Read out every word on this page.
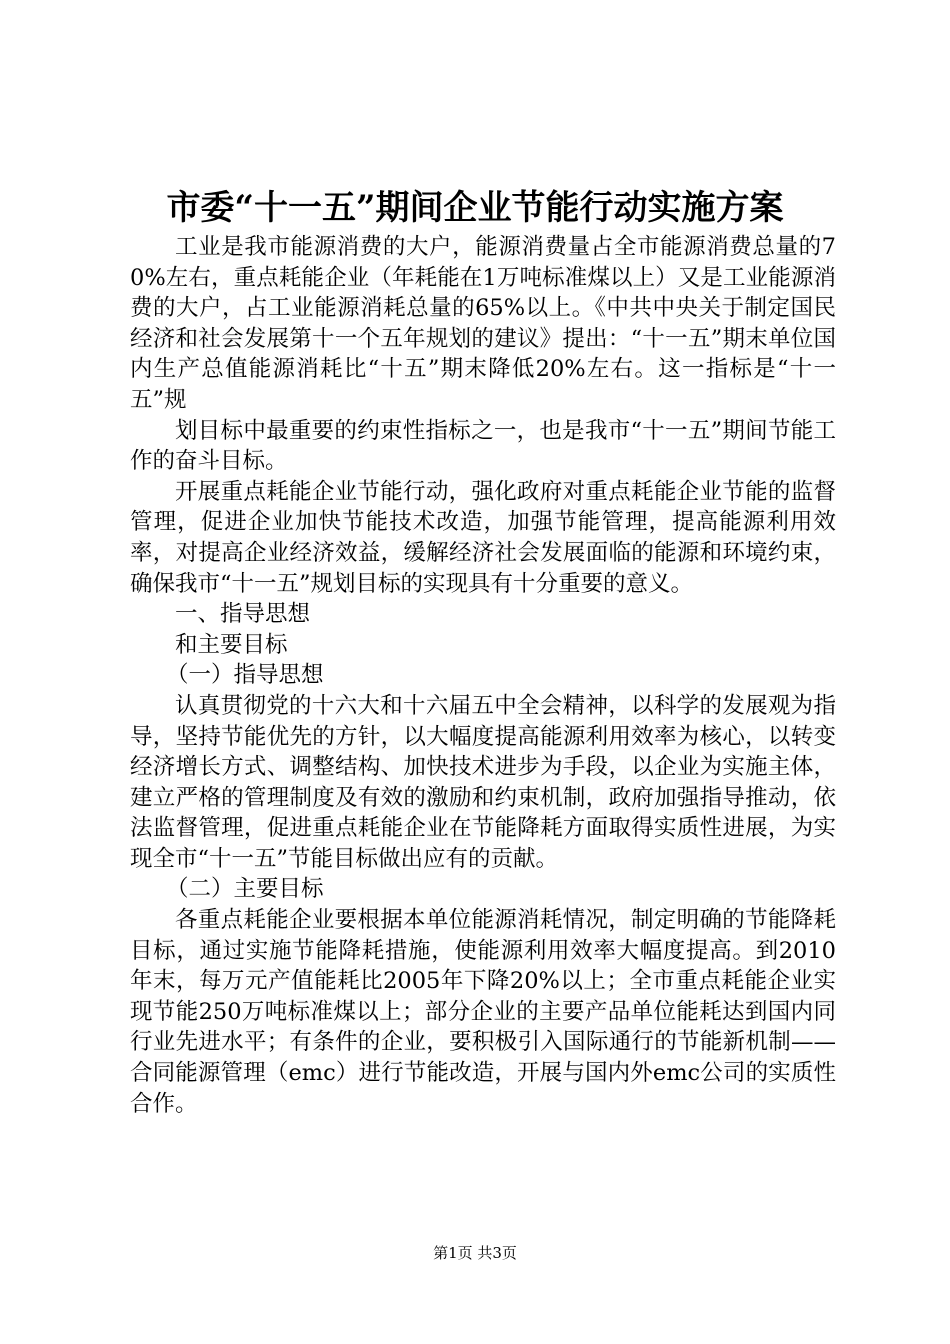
市委“十一五”期间企业节能行动实施方案

工业是我市能源消费的大户，能源消费量占全市能源消费总量的70%左右，重点耗能企业（年耗能在1万吨标准煤以上）又是工业能源消费的大户，占工业能源消耗总量的65%以上。《中共中央关于制定国民经济和社会发展第十一个五年规划的建议》提出：“十一五”期末单位国内生产总值能源消耗比“十五”期末降低20%左右。这一指标是“十一五”规

划目标中最重要的约束性指标之一，也是我市“十一五”期间节能工作的奋斗目标。

开展重点耗能企业节能行动，强化政府对重点耗能企业节能的监督管理，促进企业加快节能技术改造，加强节能管理，提高能源利用效率，对提高企业经济效益，缓解经济社会发展面临的能源和环境约束，确保我市“十一五”规划目标的实现具有十分重要的意义。

一、指导思想

和主要目标

（一）指导思想

认真贯彻党的十六大和十六届五中全会精神，以科学的发展观为指导，坚持节能优先的方针，以大幅度提高能源利用效率为核心，以转变经济增长方式、调整结构、加快技术进步为手段，以企业为实施主体，建立严格的管理制度及有效的激励和约束机制，政府加强指导推动，依法监督管理，促进重点耗能企业在节能降耗方面取得实质性进展，为实现全市“十一五”节能目标做出应有的贡献。

（二）主要目标

各重点耗能企业要根据本单位能源消耗情况，制定明确的节能降耗目标，通过实施节能降耗措施，使能源利用效率大幅度提高。到2010年末，每万元产值能耗比2005年下降20%以上；全市重点耗能企业实现节能250万吨标准煤以上；部分企业的主要产品单位能耗达到国内同行业先进水平；有条件的企业，要积极引入国际通行的节能新机制——合同能源管理（emc）进行节能改造，开展与国内外emc公司的实质性合作。

第1页 共3页
